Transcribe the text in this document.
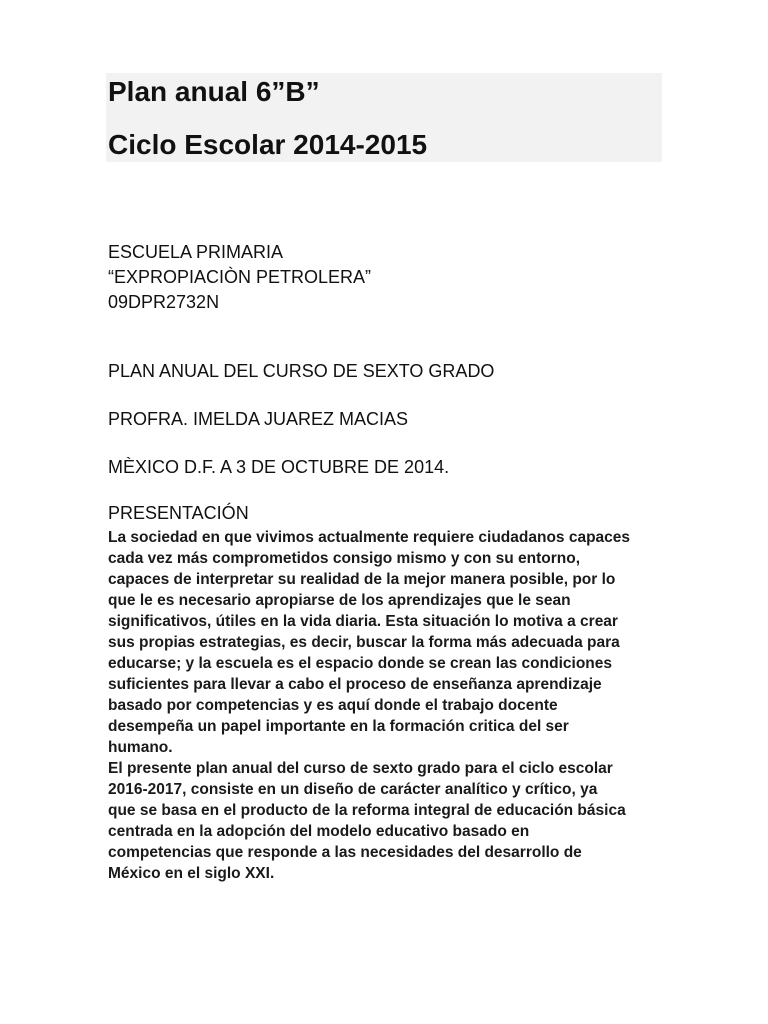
Plan anual 6”B”
Ciclo Escolar 2014-2015
ESCUELA PRIMARIA
“EXPROPIACIÒN PETROLERA”
09DPR2732N
PLAN ANUAL DEL CURSO DE SEXTO GRADO
PROFRA. IMELDA JUAREZ MACIAS
MÈXICO D.F. A 3 DE OCTUBRE DE 2014.
PRESENTACIÓN
La sociedad en que vivimos actualmente requiere ciudadanos capaces
cada vez más comprometidos consigo mismo y con su entorno,
capaces de interpretar su realidad de la mejor manera posible, por lo
que le es necesario apropiarse de los aprendizajes que le sean
significativos, útiles en la vida diaria. Esta situación lo motiva a crear
sus propias estrategias, es decir, buscar la forma más adecuada para
educarse; y la escuela es el espacio donde se crean las condiciones
suficientes para llevar a cabo el proceso de enseñanza aprendizaje
basado por competencias y es aquí donde el trabajo docente
desempeña un papel importante en la formación critica del ser
humano.
El presente plan anual del curso de sexto grado para el ciclo escolar
2016-2017, consiste en un diseño de carácter analítico y crítico, ya
que se basa en el producto de la reforma integral de educación básica
centrada en la adopción del modelo educativo basado en
competencias que responde a las necesidades del desarrollo de
México en el siglo XXI.
